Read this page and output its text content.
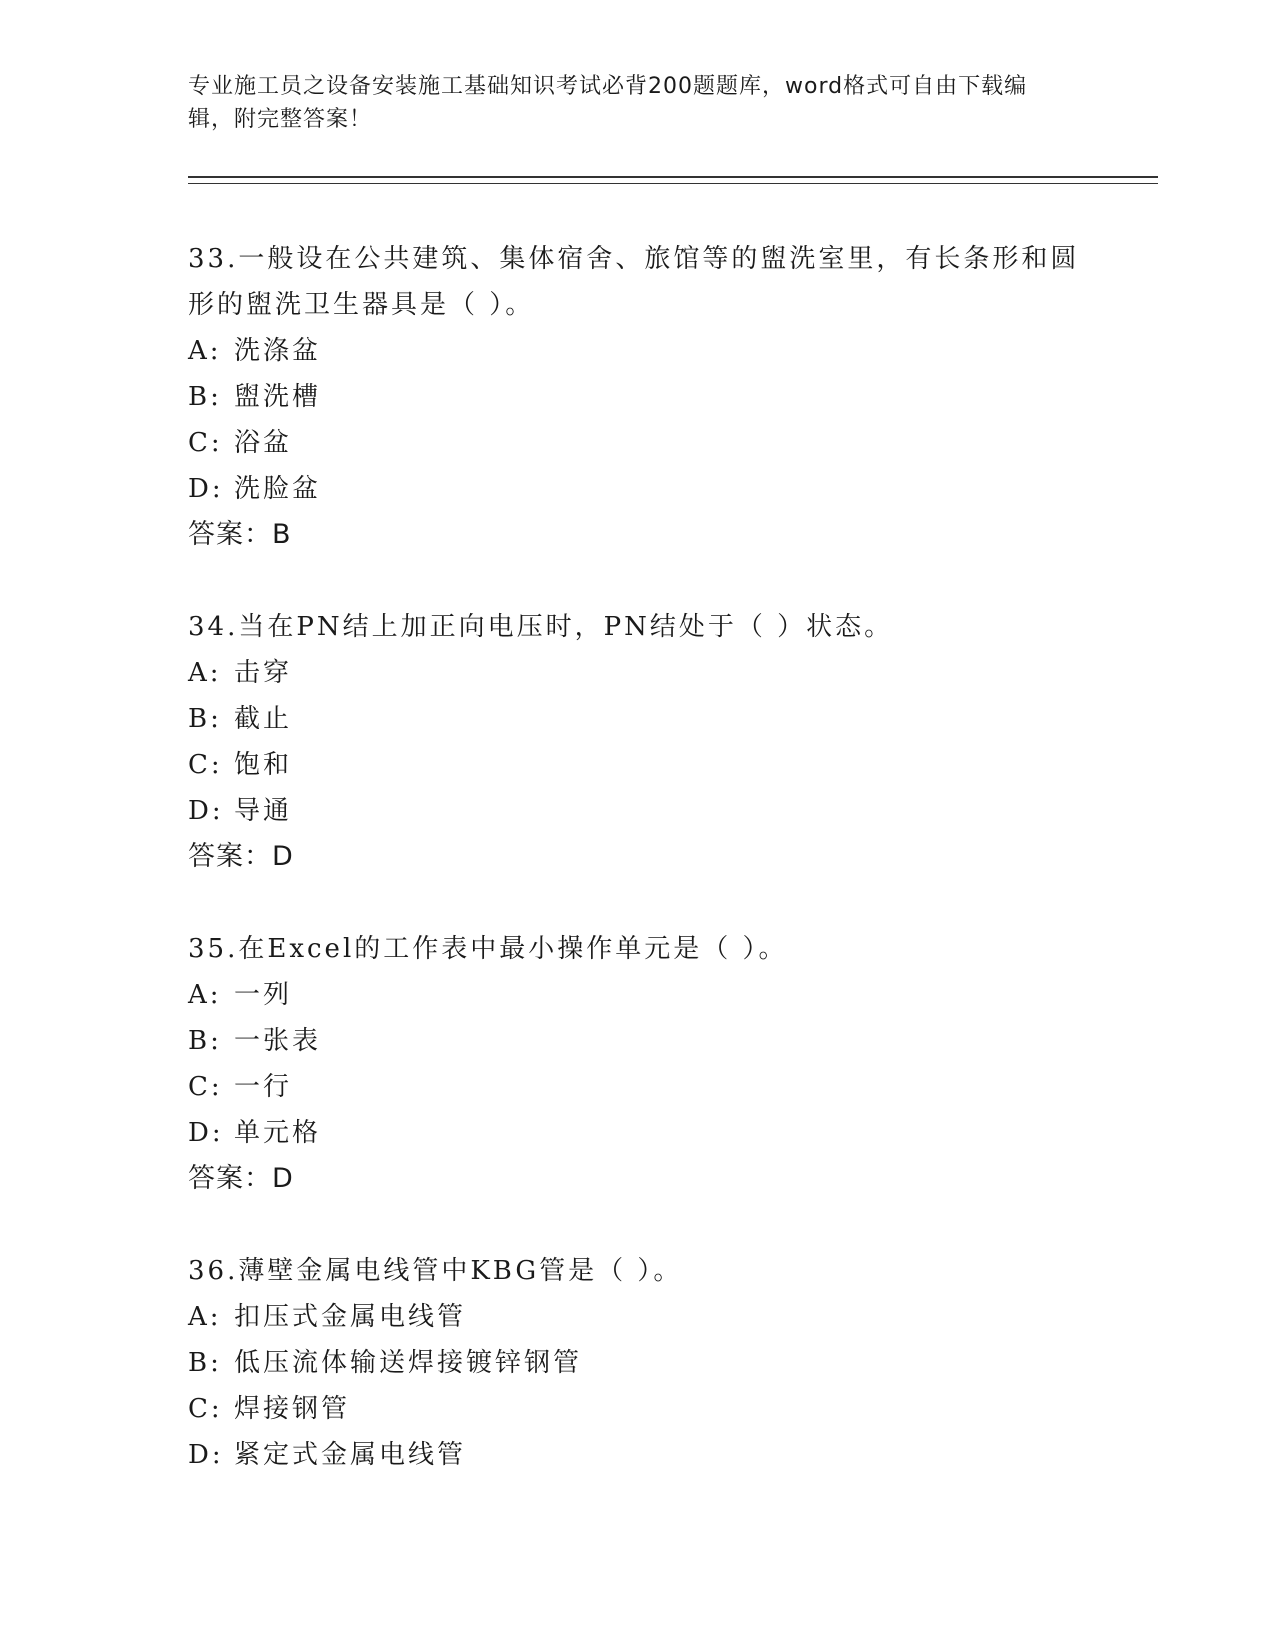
专业施工员之设备安装施工基础知识考试必背200题题库，word格式可自由下载编辑，附完整答案！
33.一般设在公共建筑、集体宿舍、旅馆等的盥洗室里，有长条形和圆形的盥洗卫生器具是（ ）。
A: 洗涤盆
B: 盥洗槽
C: 浴盆
D: 洗脸盆
答案：B
34.当在PN结上加正向电压时，PN结处于（ ）状态。
A: 击穿
B: 截止
C: 饱和
D: 导通
答案：D
35.在Excel的工作表中最小操作单元是（ ）。
A: 一列
B: 一张表
C: 一行
D: 单元格
答案：D
36.薄壁金属电线管中KBG管是（ ）。
A: 扣压式金属电线管
B: 低压流体输送焊接镀锌钢管
C: 焊接钢管
D: 紧定式金属电线管
